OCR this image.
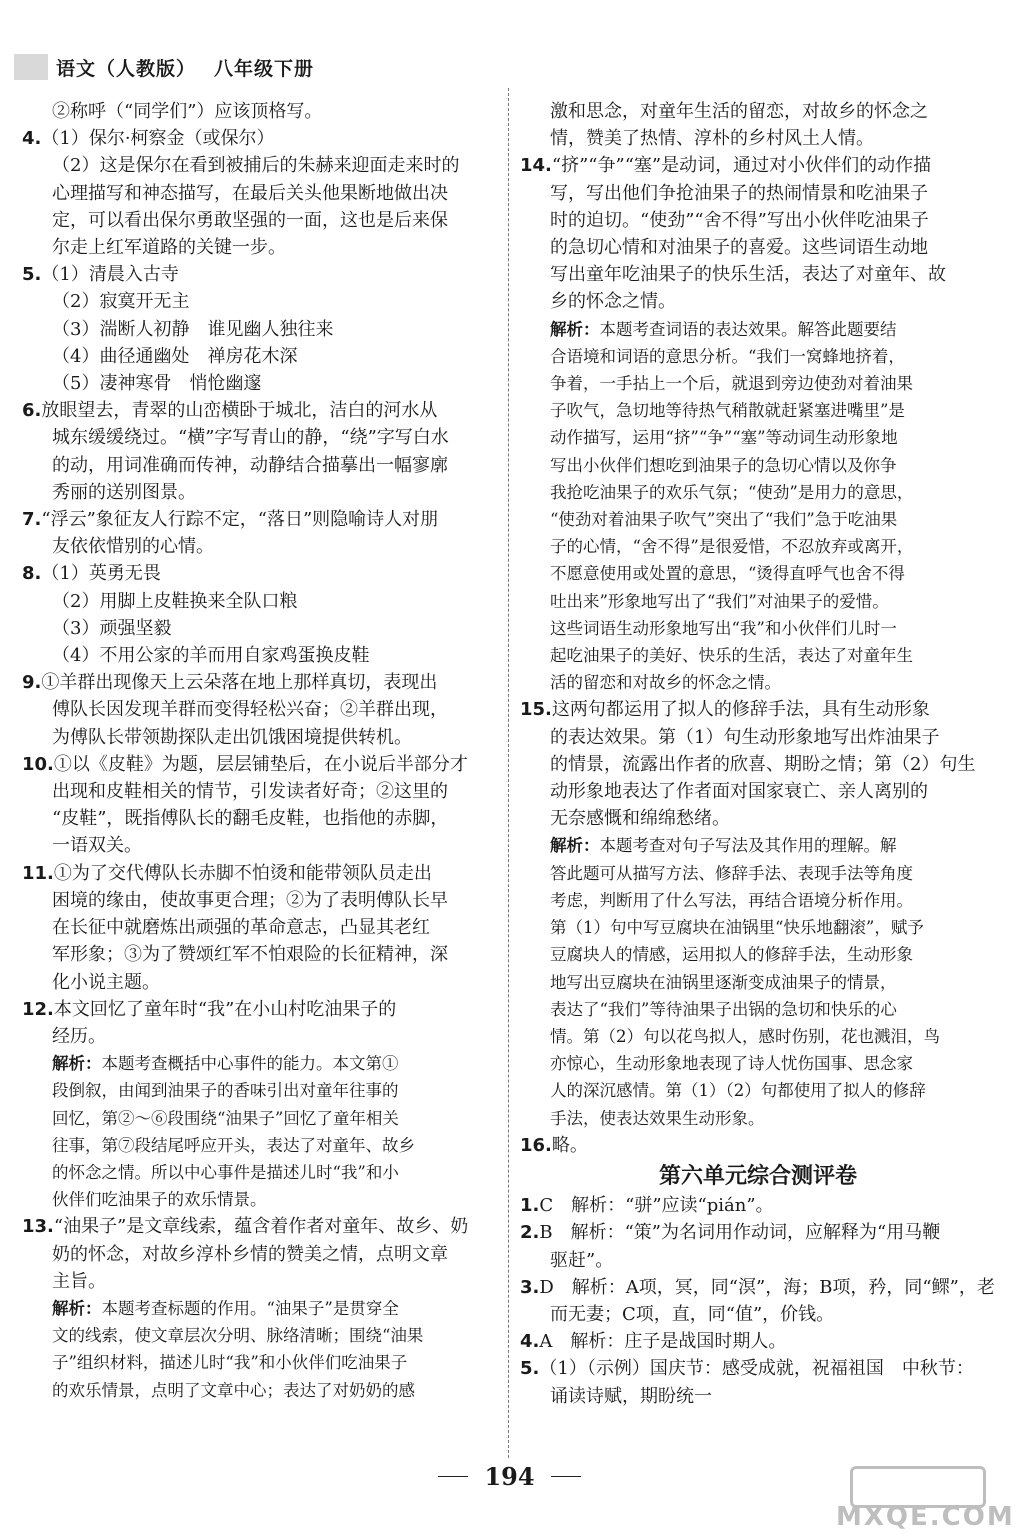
语文（人教版） 八年级下册

②称呼（“同学们”）应该顶格写。

4.（1）保尔·柯察金（或保尔）

（2）这是保尔在看到被捕后的朱赫来迎面走来时的

心理描写和神态描写，在最后关头他果断地做出决

定，可以看出保尔勇敢坚强的一面，这也是后来保

尔走上红军道路的关键一步。

5.（1）清晨入古寺

（2）寂寞开无主

（3）湍断人初静　谁见幽人独往来

（4）曲径通幽处　禅房花木深

（5）凄神寒骨　悄怆幽邃

6.放眼望去，青翠的山峦横卧于城北，洁白的河水从

城东缓缓绕过。“横”字写青山的静，“绕”字写白水

的动，用词准确而传神，动静结合描摹出一幅寥廓

秀丽的送别图景。

7.“浮云”象征友人行踪不定，“落日”则隐喻诗人对朋

友依依惜别的心情。

8.（1）英勇无畏

（2）用脚上皮鞋换来全队口粮

（3）顽强坚毅

（4）不用公家的羊而用自家鸡蛋换皮鞋

9.①羊群出现像天上云朵落在地上那样真切，表现出

傅队长因发现羊群而变得轻松兴奋；②羊群出现，

为傅队长带领勘探队走出饥饿困境提供转机。

10.①以《皮鞋》为题，层层铺垫后，在小说后半部分才

出现和皮鞋相关的情节，引发读者好奇；②这里的

“皮鞋”，既指傅队长的翻毛皮鞋，也指他的赤脚，

一语双关。

11.①为了交代傅队长赤脚不怕烫和能带领队员走出

困境的缘由，使故事更合理；②为了表明傅队长早

在长征中就磨炼出顽强的革命意志，凸显其老红

军形象；③为了赞颂红军不怕艰险的长征精神，深

化小说主题。

12.本文回忆了童年时“我”在小山村吃油果子的

经历。

解析：本题考查概括中心事件的能力。本文第①

段倒叙，由闻到油果子的香味引出对童年往事的

回忆，第②～⑥段围绕“油果子”回忆了童年相关

往事，第⑦段结尾呼应开头，表达了对童年、故乡

的怀念之情。所以中心事件是描述儿时“我”和小

伙伴们吃油果子的欢乐情景。

13.“油果子”是文章线索，蕴含着作者对童年、故乡、奶

奶的怀念，对故乡淳朴乡情的赞美之情，点明文章

主旨。

解析：本题考查标题的作用。“油果子”是贯穿全

文的线索，使文章层次分明、脉络清晰；围绕“油果

子”组织材料，描述儿时“我”和小伙伴们吃油果子

的欢乐情景，点明了文章中心；表达了对奶奶的感

激和思念，对童年生活的留恋，对故乡的怀念之

情，赞美了热情、淳朴的乡村风土人情。

14.“挤”“争”“塞”是动词，通过对小伙伴们的动作描

写，写出他们争抢油果子的热闹情景和吃油果子

时的迫切。“使劲”“舍不得”写出小伙伴吃油果子

的急切心情和对油果子的喜爱。这些词语生动地

写出童年吃油果子的快乐生活，表达了对童年、故

乡的怀念之情。

解析：本题考查词语的表达效果。解答此题要结

合语境和词语的意思分析。“我们一窝蜂地挤着，

争着，一手拈上一个后，就退到旁边使劲对着油果

子吹气，急切地等待热气稍散就赶紧塞进嘴里”是

动作描写，运用“挤”“争”“塞”等动词生动形象地

写出小伙伴们想吃到油果子的急切心情以及你争

我抢吃油果子的欢乐气氛；“使劲”是用力的意思，

“使劲对着油果子吹气”突出了“我们”急于吃油果

子的心情，“舍不得”是很爱惜，不忍放弃或离开，

不愿意使用或处置的意思，“烫得直呼气也舍不得

吐出来”形象地写出了“我们”对油果子的爱惜。

这些词语生动形象地写出“我”和小伙伴们儿时一

起吃油果子的美好、快乐的生活，表达了对童年生

活的留恋和对故乡的怀念之情。

15.这两句都运用了拟人的修辞手法，具有生动形象

的表达效果。第（1）句生动形象地写出炸油果子

的情景，流露出作者的欣喜、期盼之情；第（2）句生

动形象地表达了作者面对国家衰亡、亲人离别的

无奈感慨和绵绵愁绪。

解析：本题考查对句子写法及其作用的理解。解

答此题可从描写方法、修辞手法、表现手法等角度

考虑，判断用了什么写法，再结合语境分析作用。

第（1）句中写豆腐块在油锅里“快乐地翻滚”，赋予

豆腐块人的情感，运用拟人的修辞手法，生动形象

地写出豆腐块在油锅里逐渐变成油果子的情景，

表达了“我们”等待油果子出锅的急切和快乐的心

情。第（2）句以花鸟拟人，感时伤别，花也溅泪，鸟

亦惊心，生动形象地表现了诗人忧伤国事、思念家

人的深沉感情。第（1）（2）句都使用了拟人的修辞

手法，使表达效果生动形象。

16.略。

第六单元综合测评卷

1.C　解析：“骈”应读“pián”。

2.B　解析：“策”为名词用作动词，应解释为“用马鞭

驱赶”。

3.D　解析：A项，冥，同“溟”，海；B项，矜，同“鳏”，老

而无妻；C项，直，同“值”，价钱。

4.A　解析：庄子是战国时期人。

5.（1）（示例）国庆节：感受成就，祝福祖国　中秋节：

诵读诗赋，期盼统一

194
MXQE.COM
